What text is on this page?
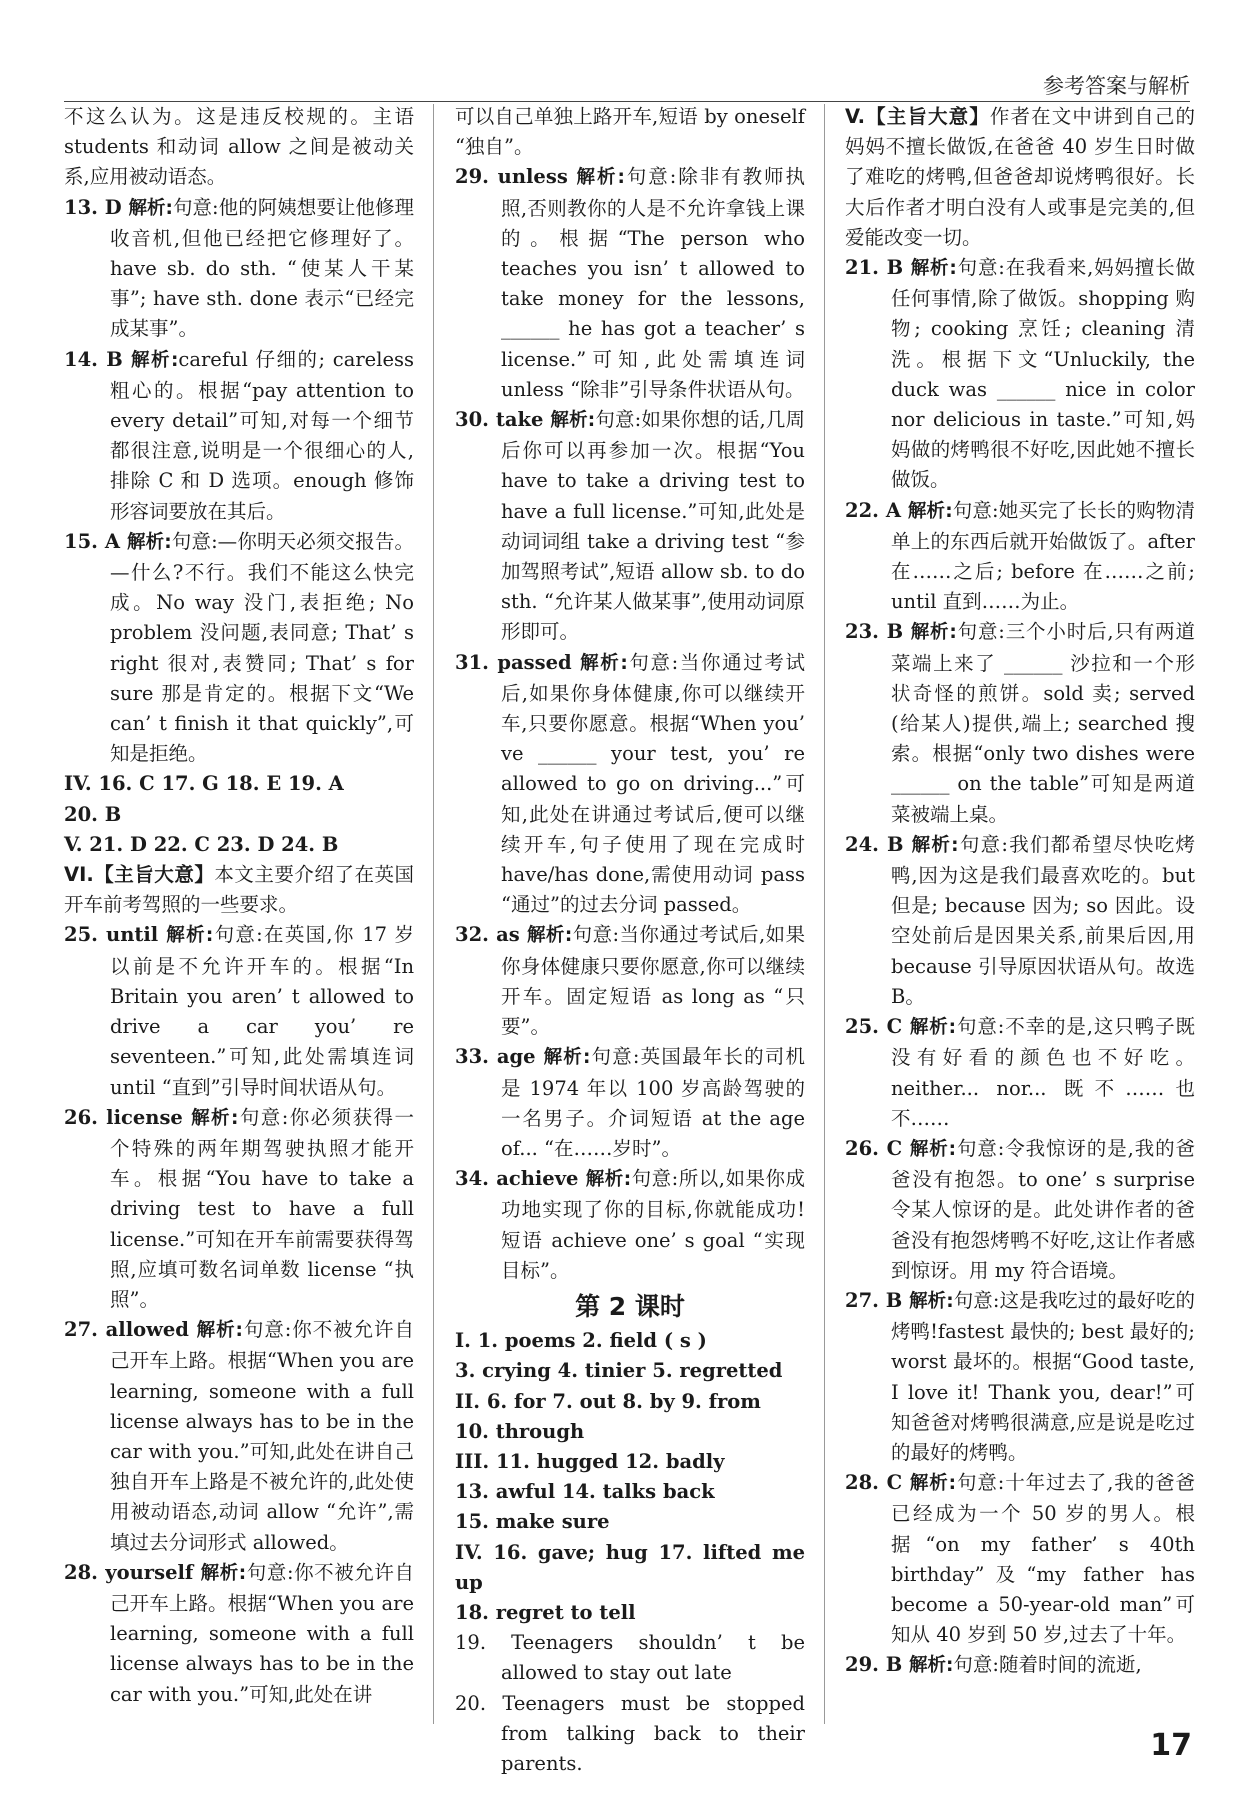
参考答案与解析
不这么认为。这是违反校规的。主语 students 和动词 allow 之间是被动关系,应用被动语态。
13. D 解析:句意:他的阿姨想要让他修理收音机,但他已经把它修理好了。have sb. do sth. “使某人干某事”; have sth. done 表示“已经完成某事”。
14. B 解析:careful 仔细的; careless 粗心的。根据“pay attention to every detail”可知,对每一个细节都很注意,说明是一个很细心的人,排除 C 和 D 选项。enough 修饰形容词要放在其后。
15. A 解析:句意:—你明天必须交报告。—什么?不行。我们不能这么快完成。No way 没门,表拒绝; No problem 没问题,表同意; That’ s right 很对,表赞同; That’ s for sure 那是肯定的。根据下文“We can’ t finish it that quickly”,可知是拒绝。
IV. 16. C 17. G 18. E 19. A
20. B
V. 21. D 22. C 23. D 24. B
VI.【主旨大意】本文主要介绍了在英国开车前考驾照的一些要求。
25. until 解析:句意:在英国,你 17 岁以前是不允许开车的。根据“In Britain you aren’ t allowed to drive a car you’ re seventeen.”可知,此处需填连词 until “直到”引导时间状语从句。
26. license 解析:句意:你必须获得一个特殊的两年期驾驶执照才能开车。根据“You have to take a driving test to have a full license.”可知在开车前需要获得驾照,应填可数名词单数 license “执照”。
27. allowed 解析:句意:你不被允许自己开车上路。根据“When you are learning, someone with a full license always has to be in the car with you.”可知,此处在讲自己独自开车上路是不被允许的,此处使用被动语态,动词 allow “允许”,需填过去分词形式 allowed。
28. yourself 解析:句意:你不被允许自己开车上路。根据“When you are learning, someone with a full license always has to be in the car with you.”可知,此处在讲
可以自己单独上路开车,短语 by oneself “独自”。
29. unless 解析:句意:除非有教师执照,否则教你的人是不允许拿钱上课的。根据“The person who teaches you isn’ t allowed to take money for the lessons, ______ he has got a teacher’ s license.”可知,此处需填连词 unless “除非”引导条件状语从句。
30. take 解析:句意:如果你想的话,几周后你可以再参加一次。根据“You have to take a driving test to have a full license.”可知,此处是动词词组 take a driving test “参加驾照考试”,短语 allow sb. to do sth. “允许某人做某事”,使用动词原形即可。
31. passed 解析:句意:当你通过考试后,如果你身体健康,你可以继续开车,只要你愿意。根据“When you’ ve ______ your test, you’ re allowed to go on driving...”可知,此处在讲通过考试后,便可以继续开车,句子使用了现在完成时 have/has done,需使用动词 pass “通过”的过去分词 passed。
32. as 解析:句意:当你通过考试后,如果你身体健康只要你愿意,你可以继续开车。固定短语 as long as “只要”。
33. age 解析:句意:英国最年长的司机是 1974 年以 100 岁高龄驾驶的一名男子。介词短语 at the age of... “在……岁时”。
34. achieve 解析:句意:所以,如果你成功地实现了你的目标,你就能成功!短语 achieve one’ s goal “实现目标”。
第 2 课时
I. 1. poems 2. field ( s )
3. crying 4. tinier 5. regretted
II. 6. for 7. out 8. by 9. from
10. through
III. 11. hugged 12. badly
13. awful 14. talks back
15. make sure
IV. 16. gave; hug 17. lifted me up
18. regret to tell
19. Teenagers shouldn’ t be allowed to stay out late
20. Teenagers must be stopped from talking back to their parents.
V.【主旨大意】作者在文中讲到自己的妈妈不擅长做饭,在爸爸 40 岁生日时做了难吃的烤鸭,但爸爸却说烤鸭很好。长大后作者才明白没有人或事是完美的,但爱能改变一切。
21. B 解析:句意:在我看来,妈妈擅长做任何事情,除了做饭。shopping 购物; cooking 烹饪; cleaning 清洗。根据下文“Unluckily, the duck was ______ nice in color nor delicious in taste.”可知,妈妈做的烤鸭很不好吃,因此她不擅长做饭。
22. A 解析:句意:她买完了长长的购物清单上的东西后就开始做饭了。after 在……之后; before 在……之前; until 直到……为止。
23. B 解析:句意:三个小时后,只有两道菜端上来了 ______ 沙拉和一个形状奇怪的煎饼。sold 卖; served (给某人)提供,端上; searched 搜索。根据“only two dishes were ______ on the table”可知是两道菜被端上桌。
24. B 解析:句意:我们都希望尽快吃烤鸭,因为这是我们最喜欢吃的。but 但是; because 因为; so 因此。设空处前后是因果关系,前果后因,用 because 引导原因状语从句。故选 B。
25. C 解析:句意:不幸的是,这只鸭子既没有好看的颜色也不好吃。neither... nor... 既不……也不……
26. C 解析:句意:令我惊讶的是,我的爸爸没有抱怨。to one’ s surprise 令某人惊讶的是。此处讲作者的爸爸没有抱怨烤鸭不好吃,这让作者感到惊讶。用 my 符合语境。
27. B 解析:句意:这是我吃过的最好吃的烤鸭!fastest 最快的; best 最好的; worst 最坏的。根据“Good taste, I love it! Thank you, dear!”可知爸爸对烤鸭很满意,应是说是吃过的最好的烤鸭。
28. C 解析:句意:十年过去了,我的爸爸已经成为一个 50 岁的男人。根据“on my father’ s 40th birthday”及“my father has become a 50-year-old man”可知从 40 岁到 50 岁,过去了十年。
29. B 解析:句意:随着时间的流逝,
17
